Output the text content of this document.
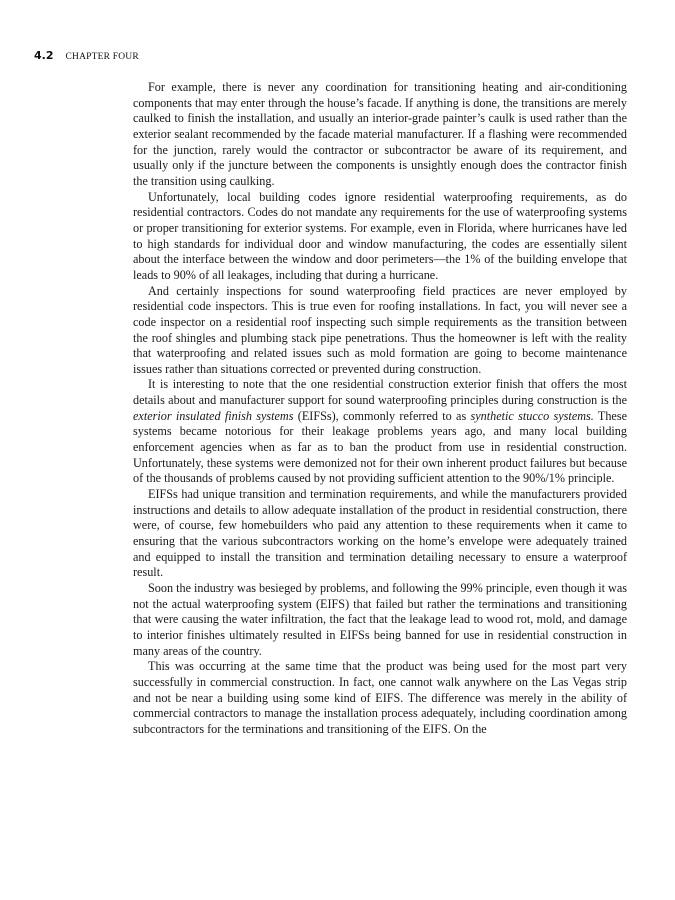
4.2 CHAPTER FOUR

For example, there is never any coordination for transitioning heating and air-conditioning components that may enter through the house’s facade. If anything is done, the transitions are merely caulked to finish the installation, and usually an interior-grade painter’s caulk is used rather than the exterior sealant recommended by the facade material manufacturer. If a flashing were recommended for the junction, rarely would the contractor or subcontractor be aware of its requirement, and usually only if the juncture between the components is unsightly enough does the contractor finish the transition using caulking.

Unfortunately, local building codes ignore residential waterproofing requirements, as do residential contractors. Codes do not mandate any requirements for the use of waterproofing systems or proper transitioning for exterior systems. For example, even in Florida, where hurricanes have led to high standards for individual door and window manufacturing, the codes are essentially silent about the interface between the window and door perimeters—the 1% of the building envelope that leads to 90% of all leakages, including that during a hurricane.

And certainly inspections for sound waterproofing field practices are never employed by residential code inspectors. This is true even for roofing installations. In fact, you will never see a code inspector on a residential roof inspecting such simple requirements as the transition between the roof shingles and plumbing stack pipe penetrations. Thus the homeowner is left with the reality that waterproofing and related issues such as mold formation are going to become maintenance issues rather than situations corrected or prevented during construction.

It is interesting to note that the one residential construction exterior finish that offers the most details about and manufacturer support for sound waterproofing principles during construction is the exterior insulated finish systems (EIFSs), commonly referred to as synthetic stucco systems. These systems became notorious for their leakage problems years ago, and many local building enforcement agencies when as far as to ban the product from use in residential construction. Unfortunately, these systems were demonized not for their own inherent product failures but because of the thousands of problems caused by not providing sufficient attention to the 90%/1% principle.

EIFSs had unique transition and termination requirements, and while the manufacturers provided instructions and details to allow adequate installation of the product in residential construction, there were, of course, few homebuilders who paid any attention to these requirements when it came to ensuring that the various subcontractors working on the home’s envelope were adequately trained and equipped to install the transition and termination detailing necessary to ensure a waterproof result.

Soon the industry was besieged by problems, and following the 99% principle, even though it was not the actual waterproofing system (EIFS) that failed but rather the terminations and transitioning that were causing the water infiltration, the fact that the leakage lead to wood rot, mold, and damage to interior finishes ultimately resulted in EIFSs being banned for use in residential construction in many areas of the country.

This was occurring at the same time that the product was being used for the most part very successfully in commercial construction. In fact, one cannot walk anywhere on the Las Vegas strip and not be near a building using some kind of EIFS. The difference was merely in the ability of commercial contractors to manage the installation process adequately, including coordination among subcontractors for the terminations and transitioning of the EIFS. On the
